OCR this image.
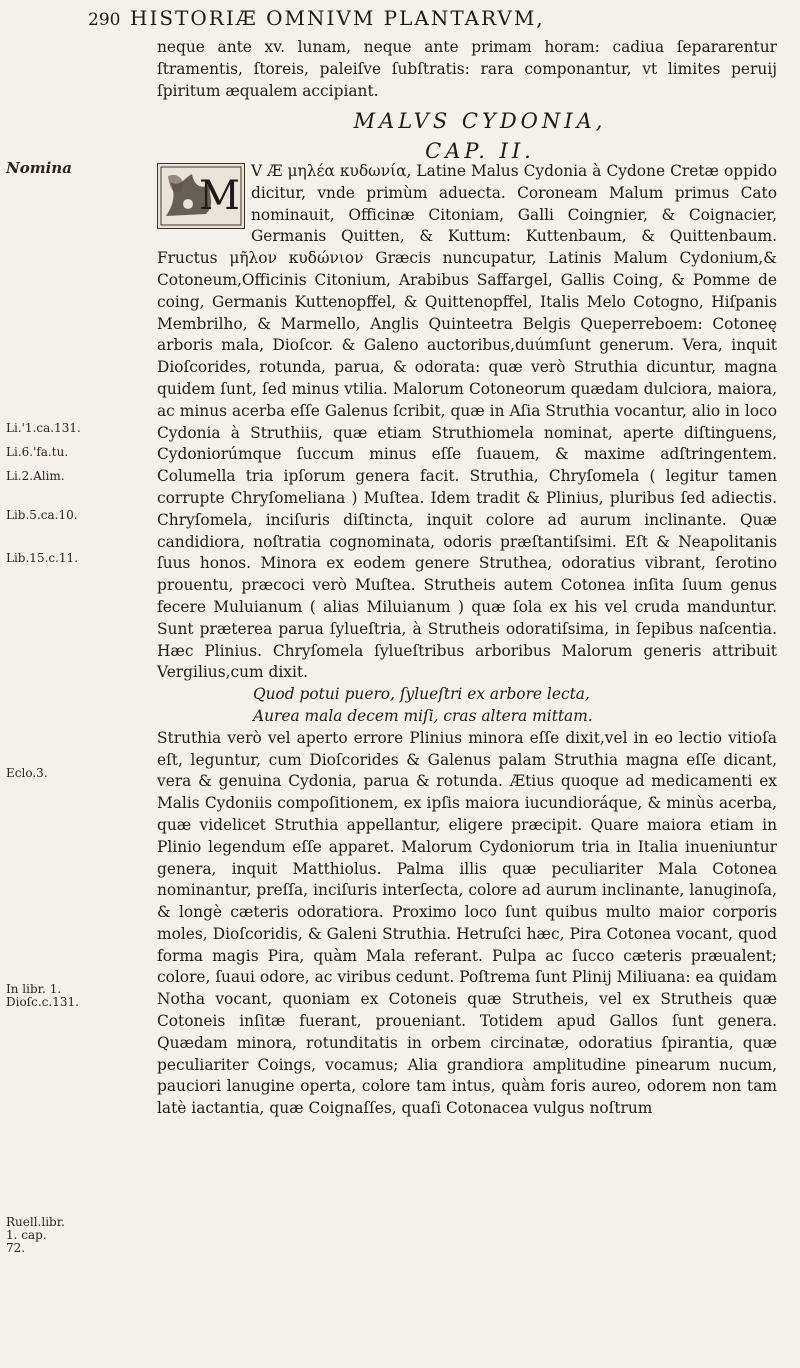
290 HISTORIÆ OMNIVM PLANTARVM,
neque ante xv. lunam, neque ante primam horam: cadiua ſepararentur ſtramentis, ſtoreis, paleiſve ſubſtratis: rara componantur, vt limites peruij ſpiritum æqualem accipiant.
MALVS CYDONIA,
CAP. II.
M
V Æ μηλέα κυδωνία, Latine Malus Cydonia à Cydone Cretæ oppido dicitur, vnde primùm aduecta. Coroneam Malum primus Cato nominauit, Officinæ Citoniam, Galli Coingnier, & Coignacier, Germanis Quitten, & Kuttum: Kuttenbaum, & Quittenbaum. Fructus μῆλον κυδώνιον Græcis nuncupatur, Latinis Malum Cydonium,& Cotoneum,Officinis Citonium, Arabibus Saffargel, Gallis Coing, & Pomme de coing, Germanis Kuttenopffel, & Quittenopffel, Italis Melo Cotogno, Hiſpanis Membrilho, & Marmello, Anglis Quinteetra Belgis Queperreboem: Cotoneę arboris mala, Dioſcor. & Galeno auctoribus,duúmſunt generum. Vera, inquit Dioſcorides, rotunda, parua, & odorata: quæ verò Struthia dicuntur, magna quidem ſunt, ſed minus vtilia. Malorum Cotoneorum quædam dulciora, maiora, ac minus acerba eſſe Galenus ſcribit, quæ in Aſia Struthia vocantur, alio in loco Cydonia à Struthiis, quæ etiam Struthiomela nominat, aperte diſtinguens, Cydoniorúmque ſuccum minus eſſe ſuauem, & maxime adſtringentem. Columella tria ipſorum genera facit. Struthia, Chryſomela ( legitur tamen corrupte Chryſomeliana ) Muſtea. Idem tradit & Plinius, pluribus ſed adiectis. Chryſomela, inciſuris diſtincta, inquit colore ad aurum inclinante. Quæ candidiora, noſtratia cognominata, odoris præſtantiſsimi. Eſt & Neapolitanis ſuus honos. Minora ex eodem genere Struthea, odoratius vibrant, ſerotino prouentu, præcoci verò Muſtea. Strutheis autem Cotonea inſita ſuum genus fecere Muluianum ( alias Miluianum ) quæ ſola ex his vel cruda manduntur. Sunt præterea parua ſylueſtria, à Strutheis odoratiſsima, in ſepibus naſcentia. Hæc Plinius. Chryſomela ſylueſtribus arboribus Malorum generis attribuit Vergilius,cum dixit.
Quod potui puero, ſylueſtri ex arbore lecta,
Aurea mala decem miſi, cras altera mittam.
Struthia verò vel aperto errore Plinius minora eſſe dixit,vel in eo lectio vitioſa eſt, leguntur, cum Dioſcorides & Galenus palam Struthia magna eſſe dicant, vera & genuina Cydonia, parua & rotunda. Ætius quoque ad medicamenti ex Malis Cydoniis compoſitionem, ex ipſis maiora iucundioráque, & minùs acerba, quæ videlicet Struthia appellantur, eligere præcipit. Quare maiora etiam in Plinio legendum eſſe apparet. Malorum Cydoniorum tria in Italia inueniuntur genera, inquit Matthiolus. Palma illis quæ peculiariter Mala Cotonea nominantur, preſſa, inciſuris interſecta, colore ad aurum inclinante, lanuginoſa, & longè cæteris odoratiora. Proximo loco ſunt quibus multo maior corporis moles, Dioſcoridis, & Galeni Struthia. Hetruſci hæc, Pira Cotonea vocant, quod forma magis Pira, quàm Mala referant. Pulpa ac ſucco cæteris præualent; colore, ſuaui odore, ac viribus cedunt. Poſtrema ſunt Plinij Miliuana: ea quidam Notha vocant, quoniam ex Cotoneis quæ Strutheis, vel ex Strutheis quæ Cotoneis inſitæ fuerant, proueniant. Totidem apud Gallos ſunt genera. Quædam minora, rotunditatis in orbem circinatæ, odoratius ſpirantia, quæ peculiariter Coings, vocamus; Alia grandiora amplitudine pinearum nucum, pauciori lanugine operta, colore tam intus, quàm foris aureo, odorem non tam latè iactantia, quæ Coignaſſes, quaſi Cotonacea vulgus noſtrum
Nomina
Li.'1.ca.131.
Li.6.'fa.tu.
Li.2.Alim.
Lib.5.ca.10.
Lib.15.c.11.
Eclo.3.
In libr. 1. Dioſc.c.131.
Ruell.libr. 1. cap. 72.
